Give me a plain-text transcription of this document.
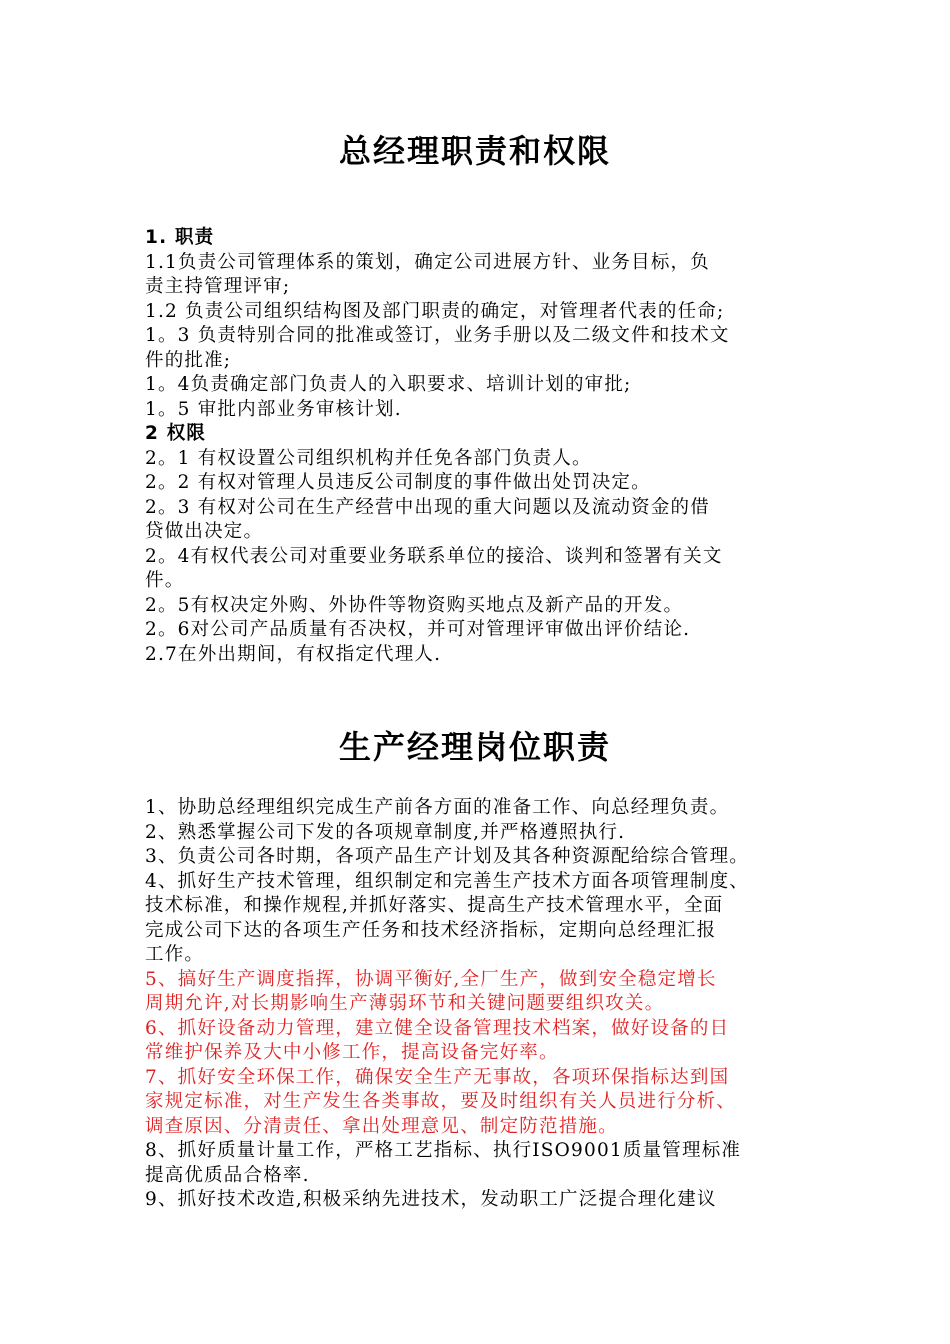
总经理职责和权限
1. 职责
1.1负责公司管理体系的策划，确定公司进展方针、业务目标，负
责主持管理评审;
1.2 负责公司组织结构图及部门职责的确定，对管理者代表的任命;
1。3 负责特别合同的批准或签订，业务手册以及二级文件和技术文
件的批准;
1。4负责确定部门负责人的入职要求、培训计划的审批;
1。5 审批内部业务审核计划.
2 权限
2。1 有权设置公司组织机构并任免各部门负责人。
2。2 有权对管理人员违反公司制度的事件做出处罚决定。
2。3 有权对公司在生产经营中出现的重大问题以及流动资金的借
贷做出决定。
2。4有权代表公司对重要业务联系单位的接洽、谈判和签署有关文
件。
2。5有权决定外购、外协件等物资购买地点及新产品的开发。
2。6对公司产品质量有否决权，并可对管理评审做出评价结论.
2.7在外出期间，有权指定代理人.
生产经理岗位职责
1、协助总经理组织完成生产前各方面的准备工作、向总经理负责。
2、熟悉掌握公司下发的各项规章制度,并严格遵照执行.
3、负责公司各时期，各项产品生产计划及其各种资源配给综合管理。
4、抓好生产技术管理，组织制定和完善生产技术方面各项管理制度、
技术标准，和操作规程,并抓好落实、提高生产技术管理水平，全面
完成公司下达的各项生产任务和技术经济指标，定期向总经理汇报
工作。
5、搞好生产调度指挥，协调平衡好,全厂生产，做到安全稳定增长
周期允许,对长期影响生产薄弱环节和关键问题要组织攻关。
6、抓好设备动力管理，建立健全设备管理技术档案，做好设备的日
常维护保养及大中小修工作，提高设备完好率。
7、抓好安全环保工作，确保安全生产无事故，各项环保指标达到国
家规定标准，对生产发生各类事故，要及时组织有关人员进行分析、
调查原因、分清责任、拿出处理意见、制定防范措施。
8、抓好质量计量工作，严格工艺指标、执行ISO9001质量管理标准
提高优质品合格率.
9、抓好技术改造,积极采纳先进技术，发动职工广泛提合理化建议
